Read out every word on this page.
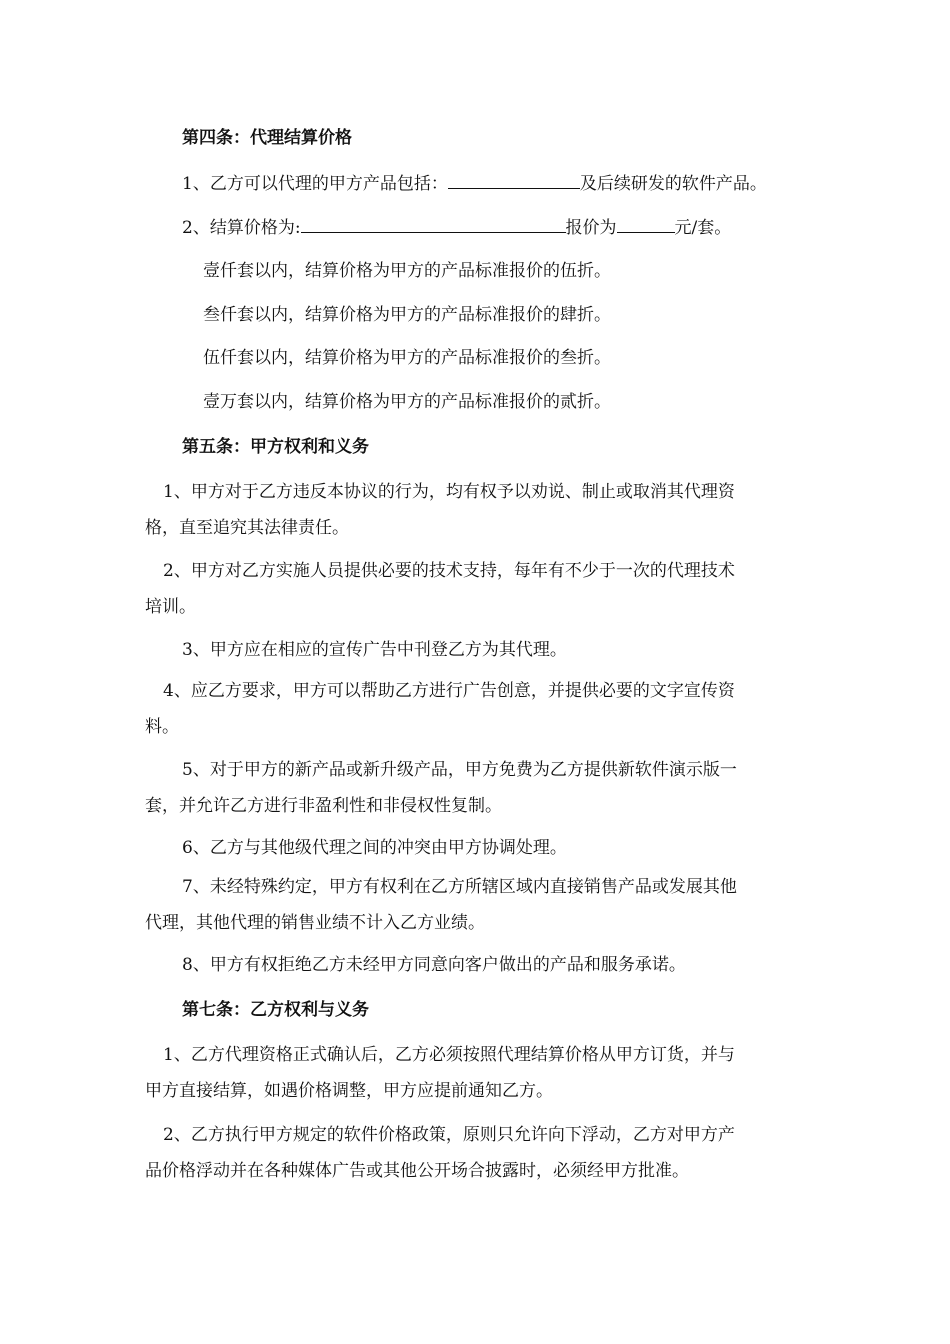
第四条：代理结算价格
1、乙方可以代理的甲方产品包括：	及后续研发的软件产品。
2、结算价格为:	报价为	元/套。
壹仟套以内，结算价格为甲方的产品标准报价的伍折。
叁仟套以内，结算价格为甲方的产品标准报价的肆折。
伍仟套以内，结算价格为甲方的产品标准报价的叁折。
壹万套以内，结算价格为甲方的产品标准报价的贰折。
第五条：甲方权利和义务
1、甲方对于乙方违反本协议的行为，均有权予以劝说、制止或取消其代理资
格，直至追究其法律责任。
2、甲方对乙方实施人员提供必要的技术支持，每年有不少于一次的代理技术
培训。
3、甲方应在相应的宣传广告中刊登乙方为其代理。
4、应乙方要求，甲方可以帮助乙方进行广告创意，并提供必要的文字宣传资
料。
5、对于甲方的新产品或新升级产品，甲方免费为乙方提供新软件演示版一
套，并允许乙方进行非盈利性和非侵权性复制。
6、乙方与其他级代理之间的冲突由甲方协调处理。
7、未经特殊约定，甲方有权利在乙方所辖区域内直接销售产品或发展其他
代理，其他代理的销售业绩不计入乙方业绩。
8、甲方有权拒绝乙方未经甲方同意向客户做出的产品和服务承诺。
第七条：乙方权利与义务
1、乙方代理资格正式确认后，乙方必须按照代理结算价格从甲方订货，并与
甲方直接结算，如遇价格调整，甲方应提前通知乙方。
2、乙方执行甲方规定的软件价格政策，原则只允许向下浮动，乙方对甲方产
品价格浮动并在各种媒体广告或其他公开场合披露时，必须经甲方批准。
